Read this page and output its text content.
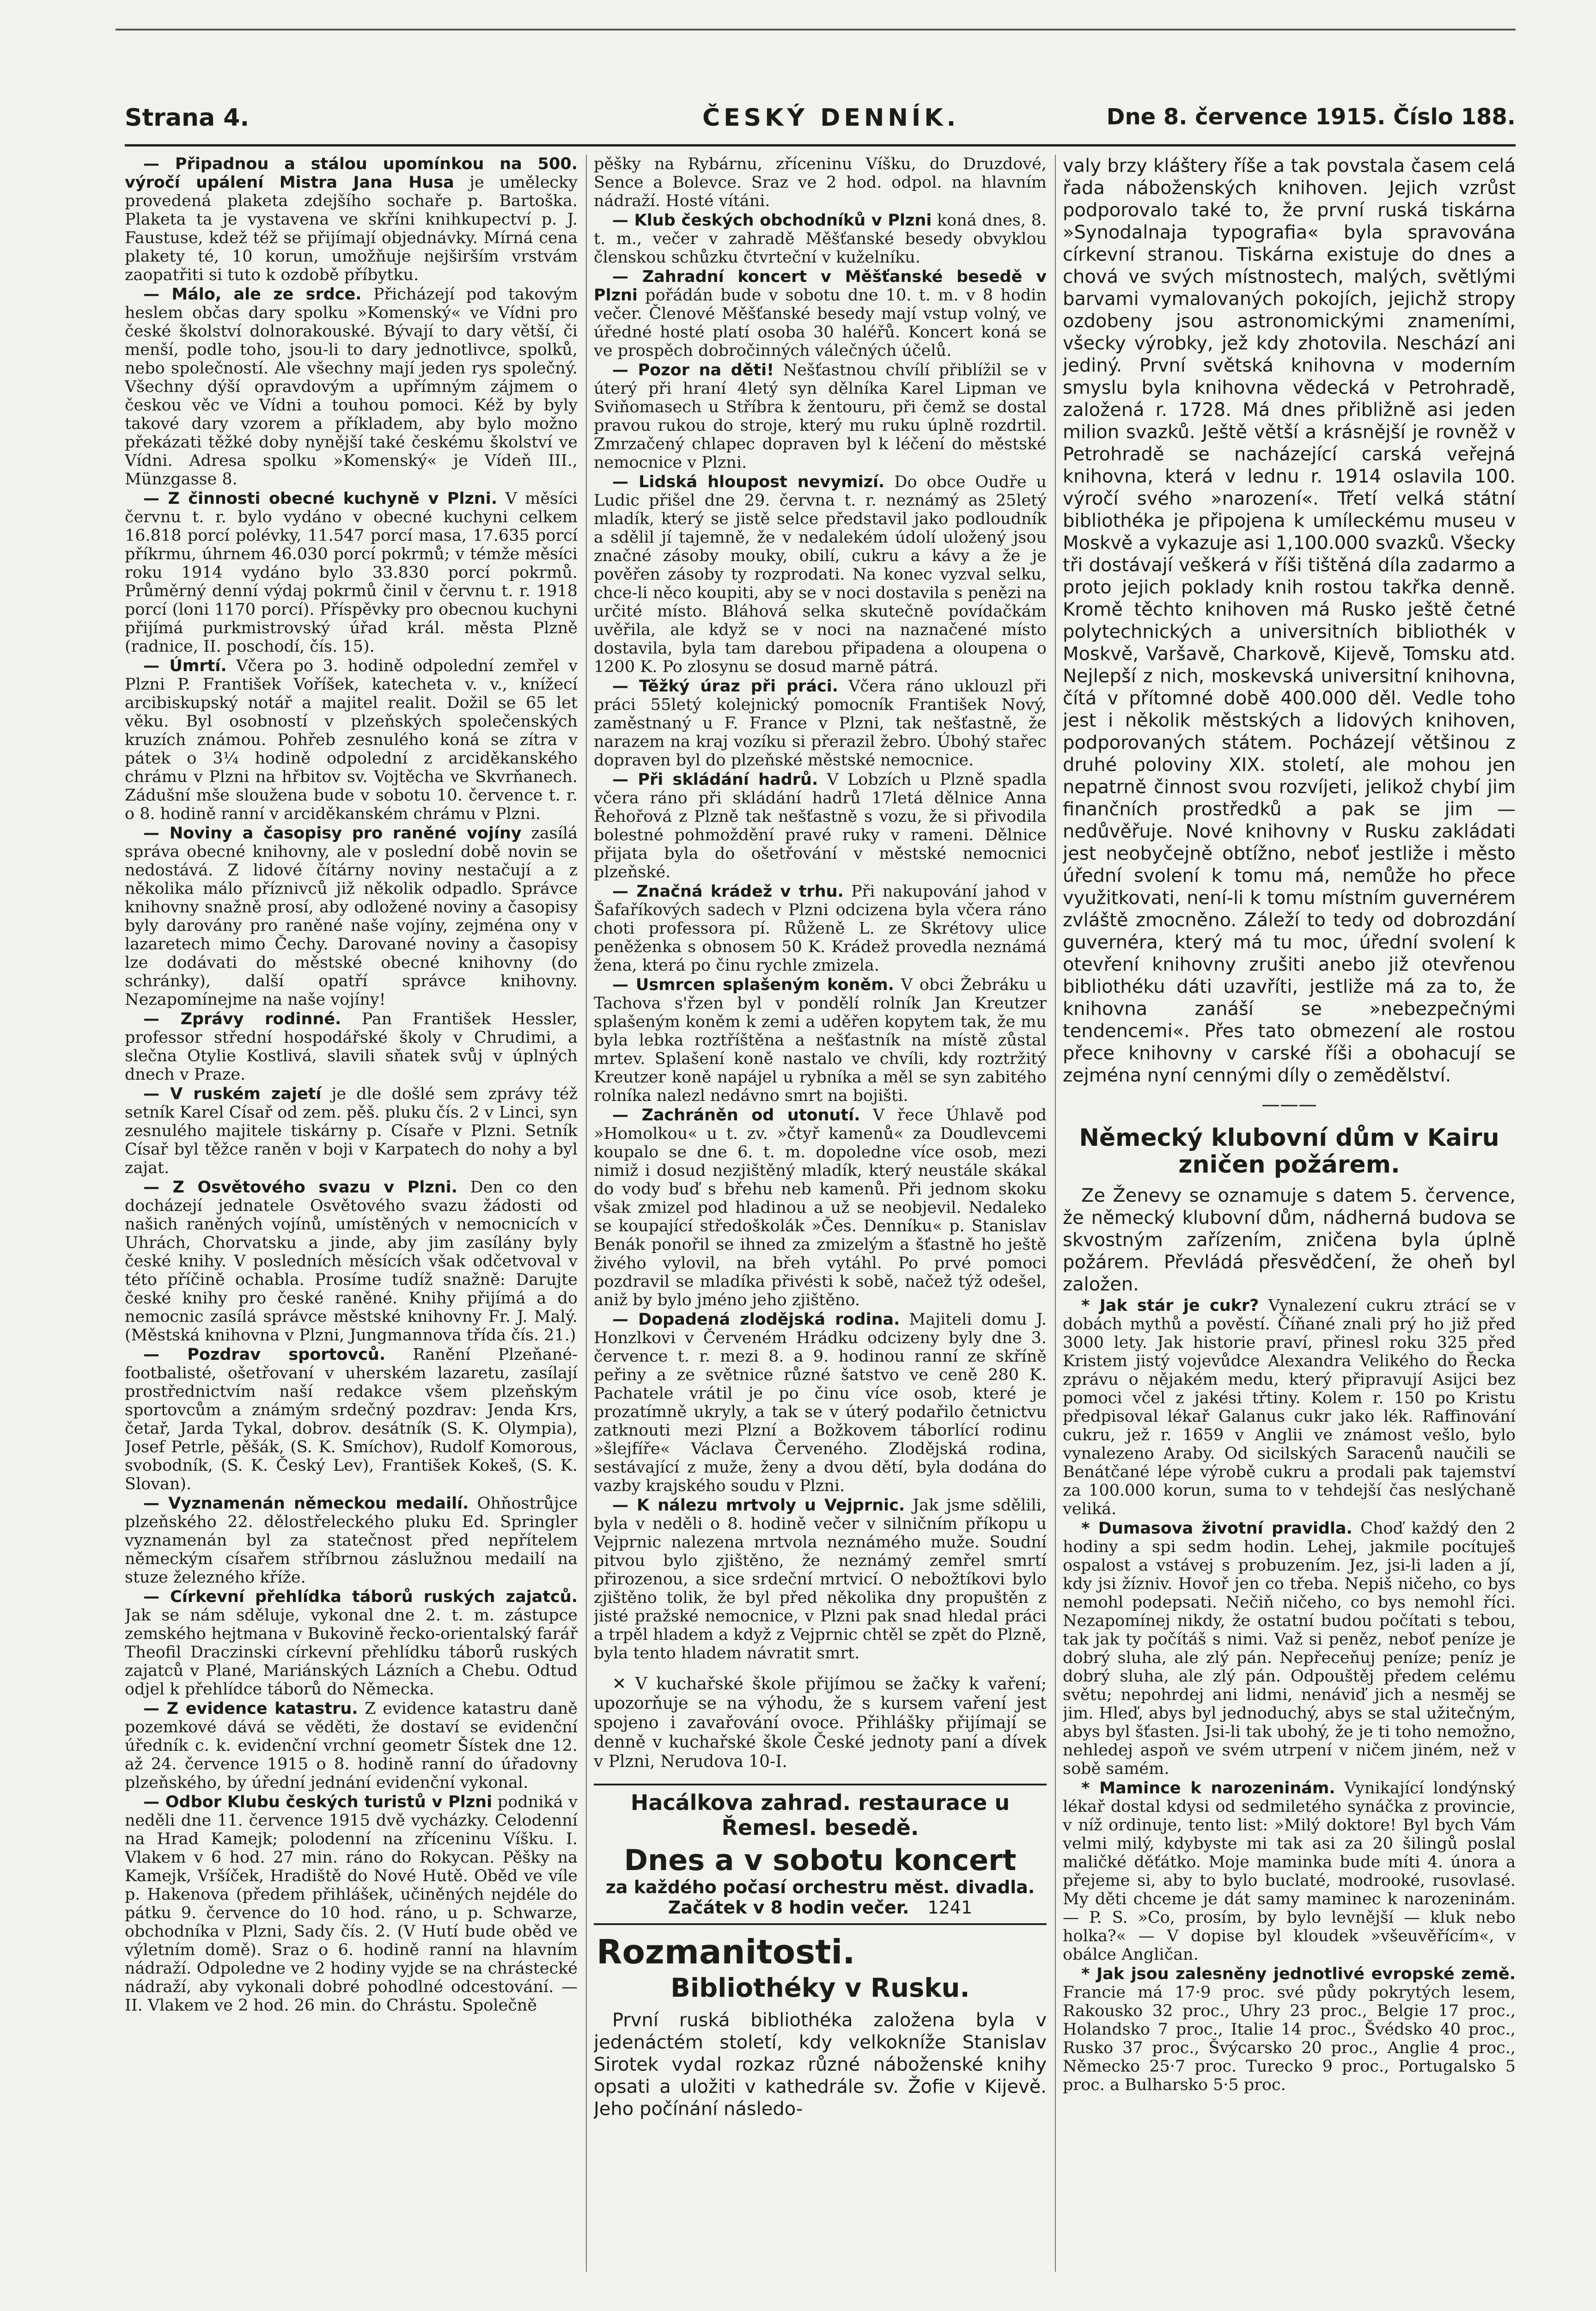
Strana 4.	ČESKÝ DENNÍK.	Dne 8. července 1915. Číslo 188.

— Připadnou a stálou upomínkou na 500. výročí upálení Mistra Jana Husa je umělecky provedená plaketa zdejšího sochaře p. Bartoška. Plaketa ta je vystavena ve skříni knihkupectví p. J. Faustuse, kdež též se přijímají objednávky. Mírná cena plakety té, 10 korun, umožňuje nejširším vrstvám zaopatřiti si tuto k ozdobě příbytku.

— Málo, ale ze srdce. Přicházejí pod takovým heslem občas dary spolku »Komenský« ve Vídni pro české školství dolnorakouské. Bývají to dary větší, či menší, podle toho, jsou-li to dary jednotlivce, spolků, nebo společností. Ale všechny mají jeden rys společný. Všechny dýší opravdovým a upřímným zájmem o českou věc ve Vídni a touhou pomoci. Kéž by byly takové dary vzorem a příkladem, aby bylo možno překázati těžké doby nynější také českému školství ve Vídni. Adresa spolku »Komenský« je Vídeň III., Münzgasse 8.

— Z činnosti obecné kuchyně v Plzni. V měsíci červnu t. r. bylo vydáno v obecné kuchyni celkem 16.818 porcí polévky, 11.547 porcí masa, 17.635 porcí příkrmu, úhrnem 46.030 porcí pokrmů; v témže měsíci roku 1914 vydáno bylo 33.830 porcí pokrmů. Průměrný denní výdaj pokrmů činil v červnu t. r. 1918 porcí (loni 1170 porcí). Příspěvky pro obecnou kuchyni přijímá purkmistrovský úřad král. města Plzně (radnice, II. poschodí, čís. 15).

— Úmrtí. Včera po 3. hodině odpolední zemřel v Plzni P. František Voříšek, katecheta v. v., knížecí arcibiskupský notář a majitel realit. Dožil se 65 let věku. Byl osobností v plzeňských společenských kruzích známou. Pohřeb zesnulého koná se zítra v pátek o 3¼ hodině odpolední z arciděkanského chrámu v Plzni na hřbitov sv. Vojtěcha ve Skvrňanech. Zádušní mše sloužena bude v sobotu 10. července t. r. o 8. hodině ranní v arciděkanském chrámu v Plzni.

— Noviny a časopisy pro raněné vojíny zasílá správa obecné knihovny, ale v poslední době novin se nedostává. Z lidové čítárny noviny nestačují a z několika málo příznivců již několik odpadlo. Správce knihovny snažně prosí, aby odložené noviny a časopisy byly darovány pro raněné naše vojíny, zejména ony v lazaretech mimo Čechy. Darované noviny a časopisy lze dodávati do městské obecné knihovny (do schránky), další opatří správce knihovny. Nezapomínejme na naše vojíny!

— Zprávy rodinné. Pan František Hessler, professor střední hospodářské školy v Chrudimi, a slečna Otylie Kostlivá, slavili sňatek svůj v úplných dnech v Praze.

— V ruském zajetí je dle došlé sem zprávy též setník Karel Císař od zem. pěš. pluku čís. 2 v Linci, syn zesnulého majitele tiskárny p. Císaře v Plzni. Setník Císař byl těžce raněn v boji v Karpatech do nohy a byl zajat.

— Z Osvětového svazu v Plzni. Den co den docházejí jednatele Osvětového svazu žádosti od našich raněných vojínů, umístěných v nemocnicích v Uhrách, Chorvatsku a jinde, aby jim zasílány byly české knihy. V posledních měsících však odčetvoval v této příčině ochabla. Prosíme tudíž snažně: Darujte české knihy pro české raněné. Knihy přijímá a do nemocnic zasílá správce městské knihovny Fr. J. Malý. (Městská knihovna v Plzni, Jungmannova třída čís. 21.)

— Pozdrav sportovců. Ranění Plzeňané-footbalisté, ošetřovaní v uherském lazaretu, zasílají prostřednictvím naší redakce všem plzeňským sportovcům a známým srdečný pozdrav: Jenda Krs, četař, Jarda Tykal, dobrov. desátník (S. K. Olympia), Josef Petrle, pěšák, (S. K. Smíchov), Rudolf Komorous, svobodník, (S. K. Český Lev), František Kokeš, (S. K. Slovan).

— Vyznamenán německou medailí. Ohňostrůjce plzeňského 22. dělostřeleckého pluku Ed. Springler vyznamenán byl za statečnost před nepřítelem německým císařem stříbrnou záslužnou medailí na stuze železného kříže.

— Církevní přehlídka táborů ruských zajatců. Jak se nám sděluje, vykonal dne 2. t. m. zástupce zemského hejtmana v Bukovině řecko-orientalský farář Theofil Draczinski církevní přehlídku táborů ruských zajatců v Plané, Mariánských Lázních a Chebu. Odtud odjel k přehlídce táborů do Německa.

— Z evidence katastru. Z evidence katastru daně pozemkové dává se věděti, že dostaví se evidenční úředník c. k. evidenční vrchní geometr Šístek dne 12. až 24. července 1915 o 8. hodině ranní do úřadovny plzeňského, by úřední jednání evidenční vykonal.

— Odbor Klubu českých turistů v Plzni podniká v neděli dne 11. července 1915 dvě vycházky. Celodenní na Hrad Kamejk; polodenní na zříceninu Víšku. I. Vlakem v 6 hod. 27 min. ráno do Rokycan. Pěšky na Kamejk, Vršíček, Hradiště do Nové Hutě. Oběd ve víle p. Hakenova (předem přihlášek, učiněných nejdéle do pátku 9. července do 10 hod. ráno, u p. Schwarze, obchodníka v Plzni, Sady čís. 2. (V Hutí bude oběd ve výletním domě). Sraz o 6. hodině ranní na hlavním nádraží. Odpoledne ve 2 hodiny vyjde se na chrástecké nádraží, aby vykonali dobré pohodlné odcestování. — II. Vlakem ve 2 hod. 26 min. do Chrástu. Společně

pěšky na Rybárnu, zříceninu Víšku, do Druzdové, Sence a Bolevce. Sraz ve 2 hod. odpol. na hlavním nádraží. Hosté vítáni.

— Klub českých obchodníků v Plzni koná dnes, 8. t. m., večer v zahradě Měšťanské besedy obvyklou členskou schůzku čtvrteční v kuželníku.

— Zahradní koncert v Měšťanské besedě v Plzni pořádán bude v sobotu dne 10. t. m. v 8 hodin večer. Členové Měšťanské besedy mají vstup volný, ve úředné hosté platí osoba 30 haléřů. Koncert koná se ve prospěch dobročinných válečných účelů.

— Pozor na děti! Nešťastnou chvílí přiblížil se v úterý při hraní 4letý syn dělníka Karel Lipman ve Sviňomasech u Stříbra k žentouru, při čemž se dostal pravou rukou do stroje, který mu ruku úplně rozdrtil. Zmrzačený chlapec dopraven byl k léčení do městské nemocnice v Plzni.

— Lidská hloupost nevymizí. Do obce Oudře u Ludic přišel dne 29. června t. r. neznámý as 25letý mladík, který se jistě selce představil jako podloudník a sdělil jí tajemně, že v nedalekém údolí uložený jsou značné zásoby mouky, obilí, cukru a kávy a že je pověřen zásoby ty rozprodati. Na konec vyzval selku, chce-li něco koupiti, aby se v noci dostavila s penězi na určité místo. Bláhová selka skutečně povídačkám uvěřila, ale když se v noci na naznačené místo dostavila, byla tam darebou připadena a oloupena o 1200 K. Po zlosynu se dosud marně pátrá.

— Těžký úraz při práci. Včera ráno uklouzl při práci 55letý kolejnický pomocník František Nový, zaměstnaný u F. France v Plzni, tak nešťastně, že narazem na kraj vozíku si přerazil žebro. Úbohý stařec dopraven byl do plzeňské městské nemocnice.

— Při skládání hadrů. V Lobzích u Plzně spadla včera ráno při skládání hadrů 17letá dělnice Anna Řehořová z Plzně tak nešťastně s vozu, že si přivodila bolestné pohmoždění pravé ruky v rameni. Dělnice přijata byla do ošetřování v městské nemocnici plzeňské.

— Značná krádež v trhu. Při nakupování jahod v Šafaříkových sadech v Plzni odcizena byla včera ráno choti professora pí. Růženě L. ze Skrétovy ulice peněženka s obnosem 50 K. Krádež provedla neznámá žena, která po činu rychle zmizela.

— Usmrcen splašeným koněm. V obci Žebráku u Tachova s'řzen byl v pondělí rolník Jan Kreutzer splašeným koněm k zemi a uděřen kopytem tak, že mu byla lebka roztříštěna a nešťastník na místě zůstal mrtev. Splašení koně nastalo ve chvíli, kdy roztržitý Kreutzer koně napájel u rybníka a měl se syn zabitého rolníka nalezl nedávno smrt na bojišti.

— Zachráněn od utonutí. V řece Úhlavě pod »Homolkou« u t. zv. »čtyř kamenů« za Doudlevcemi koupalo se dne 6. t. m. dopoledne více osob, mezi nimiž i dosud nezjištěný mladík, který neustále skákal do vody buď s břehu neb kamenů. Při jednom skoku však zmizel pod hladinou a už se neobjevil. Nedaleko se koupající středoškolák »Čes. Denníku« p. Stanislav Benák ponořil se ihned za zmizelým a šťastně ho ještě živého vylovil, na břeh vytáhl. Po prvé pomoci pozdravil se mladíka přivésti k sobě, načež týž odešel, aniž by bylo jméno jeho zjištěno.

— Dopadená zlodějská rodina. Majiteli domu J. Honzlkovi v Červeném Hrádku odcizeny byly dne 3. července t. r. mezi 8. a 9. hodinou ranní ze skříně peřiny a ze světnice různé šatstvo ve ceně 280 K. Pachatele vrátil je po činu více osob, které je prozatímně ukryly, a tak se v úterý podařilo četnictvu zatknouti mezi Plzní a Božkovem táborlící rodinu »šlejfíře« Václava Červeného. Zlodějská rodina, sestávající z muže, ženy a dvou dětí, byla dodána do vazby krajského soudu v Plzni.

— K nálezu mrtvoly u Vejprnic. Jak jsme sdělili, byla v neděli o 8. hodině večer v silničním příkopu u Vejprnic nalezena mrtvola neznámého muže. Soudní pitvou bylo zjištěno, že neznámý zemřel smrtí přirozenou, a sice srdeční mrtvicí. O nebožtíkovi bylo zjištěno tolik, že byl před několika dny propuštěn z jisté pražské nemocnice, v Plzni pak snad hledal práci a trpěl hladem a když z Vejprnic chtěl se zpět do Plzně, byla tento hladem návratit smrt.

✕ V kuchařské škole přijímou se žačky k vaření; upozorňuje se na výhodu, že s kursem vaření jest spojeno i zavařování ovoce. Přihlášky přijímají se denně v kuchařské škole České jednoty paní a dívek v Plzni, Nerudova 10-I.
Hacálkova zahrad. restaurace u Řemesl. besedě.
Dnes a v sobotu koncert
za každého počasí orchestru měst. divadla.
Začátek v 8 hodin večer. 1241
Rozmanitosti.
Bibliothéky v Rusku.

První ruská bibliothéka založena byla v jedenáctém století, kdy velkokníže Stanislav Sirotek vydal rozkaz různé náboženské knihy opsati a uložiti v kathedrále sv. Žofie v Kijevě. Jeho počínání následo-

valy brzy kláštery říše a tak povstala časem celá řada náboženských knihoven. Jejich vzrůst podporovalo také to, že první ruská tiskárna »Synodalnaja typografia« byla spravována církevní stranou. Tiskárna existuje do dnes a chová ve svých místnostech, malých, světlými barvami vymalovaných pokojích, jejichž stropy ozdobeny jsou astronomickými znameními, všecky výrobky, jež kdy zhotovila. Neschází ani jediný. První světská knihovna v moderním smyslu byla knihovna vědecká v Petrohradě, založená r. 1728. Má dnes přibližně asi jeden milion svazků. Ještě větší a krásnější je rovněž v Petrohradě se nacházející carská veřejná knihovna, která v lednu r. 1914 oslavila 100. výročí svého »narození«. Třetí velká státní bibliothéka je připojena k umíleckému museu v Moskvě a vykazuje asi 1,100.000 svazků. Všecky tři dostávají veškerá v říši tištěná díla zadarmo a proto jejich poklady knih rostou takřka denně. Kromě těchto knihoven má Rusko ještě četné polytechnických a universitních bibliothék v Moskvě, Varšavě, Charkově, Kijevě, Tomsku atd. Nejlepší z nich, moskevská universitní knihovna, čítá v přítomné době 400.000 děl. Vedle toho jest i několik městských a lidových knihoven, podporovaných státem. Pocházejí většinou z druhé poloviny XIX. století, ale mohou jen nepatrně činnost svou rozvíjeti, jelikož chybí jim finančních prostředků a pak se jim — nedůvěřuje. Nové knihovny v Rusku zakládati jest neobyčejně obtížno, neboť jestliže i město úřední svolení k tomu má, nemůže ho přece využitkovati, není-li k tomu místním guvernérem zvláště zmocněno. Záleží to tedy od dobrozdání guvernéra, který má tu moc, úřední svolení k otevření knihovny zrušiti anebo již otevřenou bibliothéku dáti uzavříti, jestliže má za to, že knihovna zanáší se »nebezpečnými tendencemi«. Přes tato obmezení ale rostou přece knihovny v carské říši a obohacují se zejména nyní cennými díly o zemědělství.

———
Německý klubovní dům v Kairu zničen požárem.

Ze Ženevy se oznamuje s datem 5. července, že německý klubovní dům, nádherná budova se skvostným zařízením, zničena byla úplně požárem. Převládá přesvědčení, že oheň byl založen.

* Jak stár je cukr? Vynalezení cukru ztrácí se v dobách mythů a pověstí. Číňané znali prý ho již před 3000 lety. Jak historie praví, přinesl roku 325 před Kristem jistý vojevůdce Alexandra Velikého do Řecka zprávu o nějakém medu, který připravují Asijci bez pomoci včel z jakési třtiny. Kolem r. 150 po Kristu předpisoval lékař Galanus cukr jako lék. Raffinování cukru, jež r. 1659 v Anglii ve známost vešlo, bylo vynalezeno Araby. Od sicilských Saracenů naučili se Benátčané lépe výrobě cukru a prodali pak tajemství za 100.000 korun, suma to v tehdejší čas neslýchaně veliká.

* Dumasova životní pravidla. Choď každý den 2 hodiny a spi sedm hodin. Lehej, jakmile pocítuješ ospalost a vstávej s probuzením. Jez, jsi-li laden a jí, kdy jsi žízniv. Hovoř jen co třeba. Nepiš ničeho, co bys nemohl podepsati. Nečiň ničeho, co bys nemohl říci. Nezapomínej nikdy, že ostatní budou počítati s tebou, tak jak ty počítáš s nimi. Važ si peněz, neboť peníze je dobrý sluha, ale zlý pán. Nepřeceňuj peníze; peníz je dobrý sluha, ale zlý pán. Odpouštěj předem celému světu; nepohrdej ani lidmi, nenáviď jich a nesměj se jim. Hleď, abys byl jednoduchý, abys se stal užitečným, abys byl šťasten. Jsi-li tak ubohý, že je ti toho nemožno, nehledej aspoň ve svém utrpení v ničem jiném, než v sobě samém.

* Mamince k narozeninám. Vynikající londýnský lékař dostal kdysi od sedmiletého synáčka z provincie, v níž ordinuje, tento list: »Milý doktore! Byl bych Vám velmi milý, kdybyste mi tak asi za 20 šilingů poslal maličké děťátko. Moje maminka bude míti 4. února a přejeme si, aby to bylo buclaté, modrooké, rusovlasé. My děti chceme je dát samy maminec k narozeninám. — P. S. »Co, prosím, by bylo levnější — kluk nebo holka?« — V dopise byl kloudek »všeuvěřícím«, v obálce Angličan.

* Jak jsou zalesněny jednotlivé evropské země. Francie má 17·9 proc. své půdy pokrytých lesem, Rakousko 32 proc., Uhry 23 proc., Belgie 17 proc., Holandsko 7 proc., Italie 14 proc., Švédsko 40 proc., Rusko 37 proc., Švýcarsko 20 proc., Anglie 4 proc., Německo 25·7 proc. Turecko 9 proc., Portugalsko 5 proc. a Bulharsko 5·5 proc.
